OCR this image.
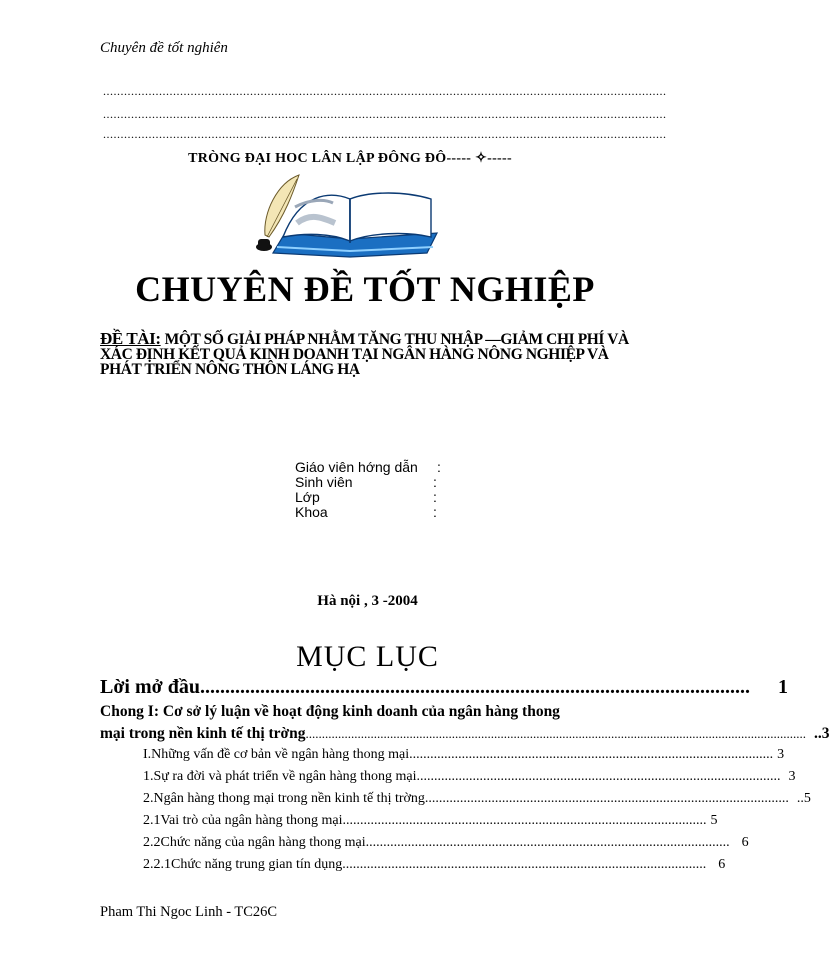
Chuyên đề tốt nghiên
.................................................................................................................................................................
.................................................................................................................................................................
.................................................................................................................................................................
TRÒNG ĐẠI HOC LÂN LẬP ĐÔNG ĐÔ----- ✧-----
CHUYÊN ĐỀ TỐT NGHIỆP
ĐỀ TÀI: MỘT SỐ GIẢI PHÁP NHẰM TĂNG THU NHẬP —GIẢM CHI PHÍ VÀ XÁC ĐỊNH KẾT QUẢ KINH DOANH TẠI NGÂN HÀNG NÔNG NGHIỆP VÀ PHÁT TRIỂN NÔNG THÔN LÁNG HẠ
Giáo viên hớng dẫn	:
Sinh viên	:
Lớp	:
Khoa	:
Hà nội , 3 -2004
MỤC LỤC
Lời mở đầu ..............................................................................................................	1
Chong I: Cơ sở lý luận về hoạt động kinh doanh của ngân hàng thong
mại trong nền kinh tế thị trờng .......................................................................................................................................................... ..3
I.Những vấn đề cơ bản về ngân hàng thong mại ........................................................................................................ 3
1. Sự ra đời và phát triển về ngân hàng thong mại ........................................................................................................ 3
2. Ngân hàng thong mại trong nền kinh tế thị trờng ........................................................................................................ ..5
2.1 Vai trò của ngân hàng thong mại ........................................................................................................ 5
2.2 Chức năng của ngân hàng thong mại ........................................................................................................ 6
2.2.1 Chức năng trung gian tín dụng ........................................................................................................ 6
Pham Thi Ngoc Linh - TC26C
